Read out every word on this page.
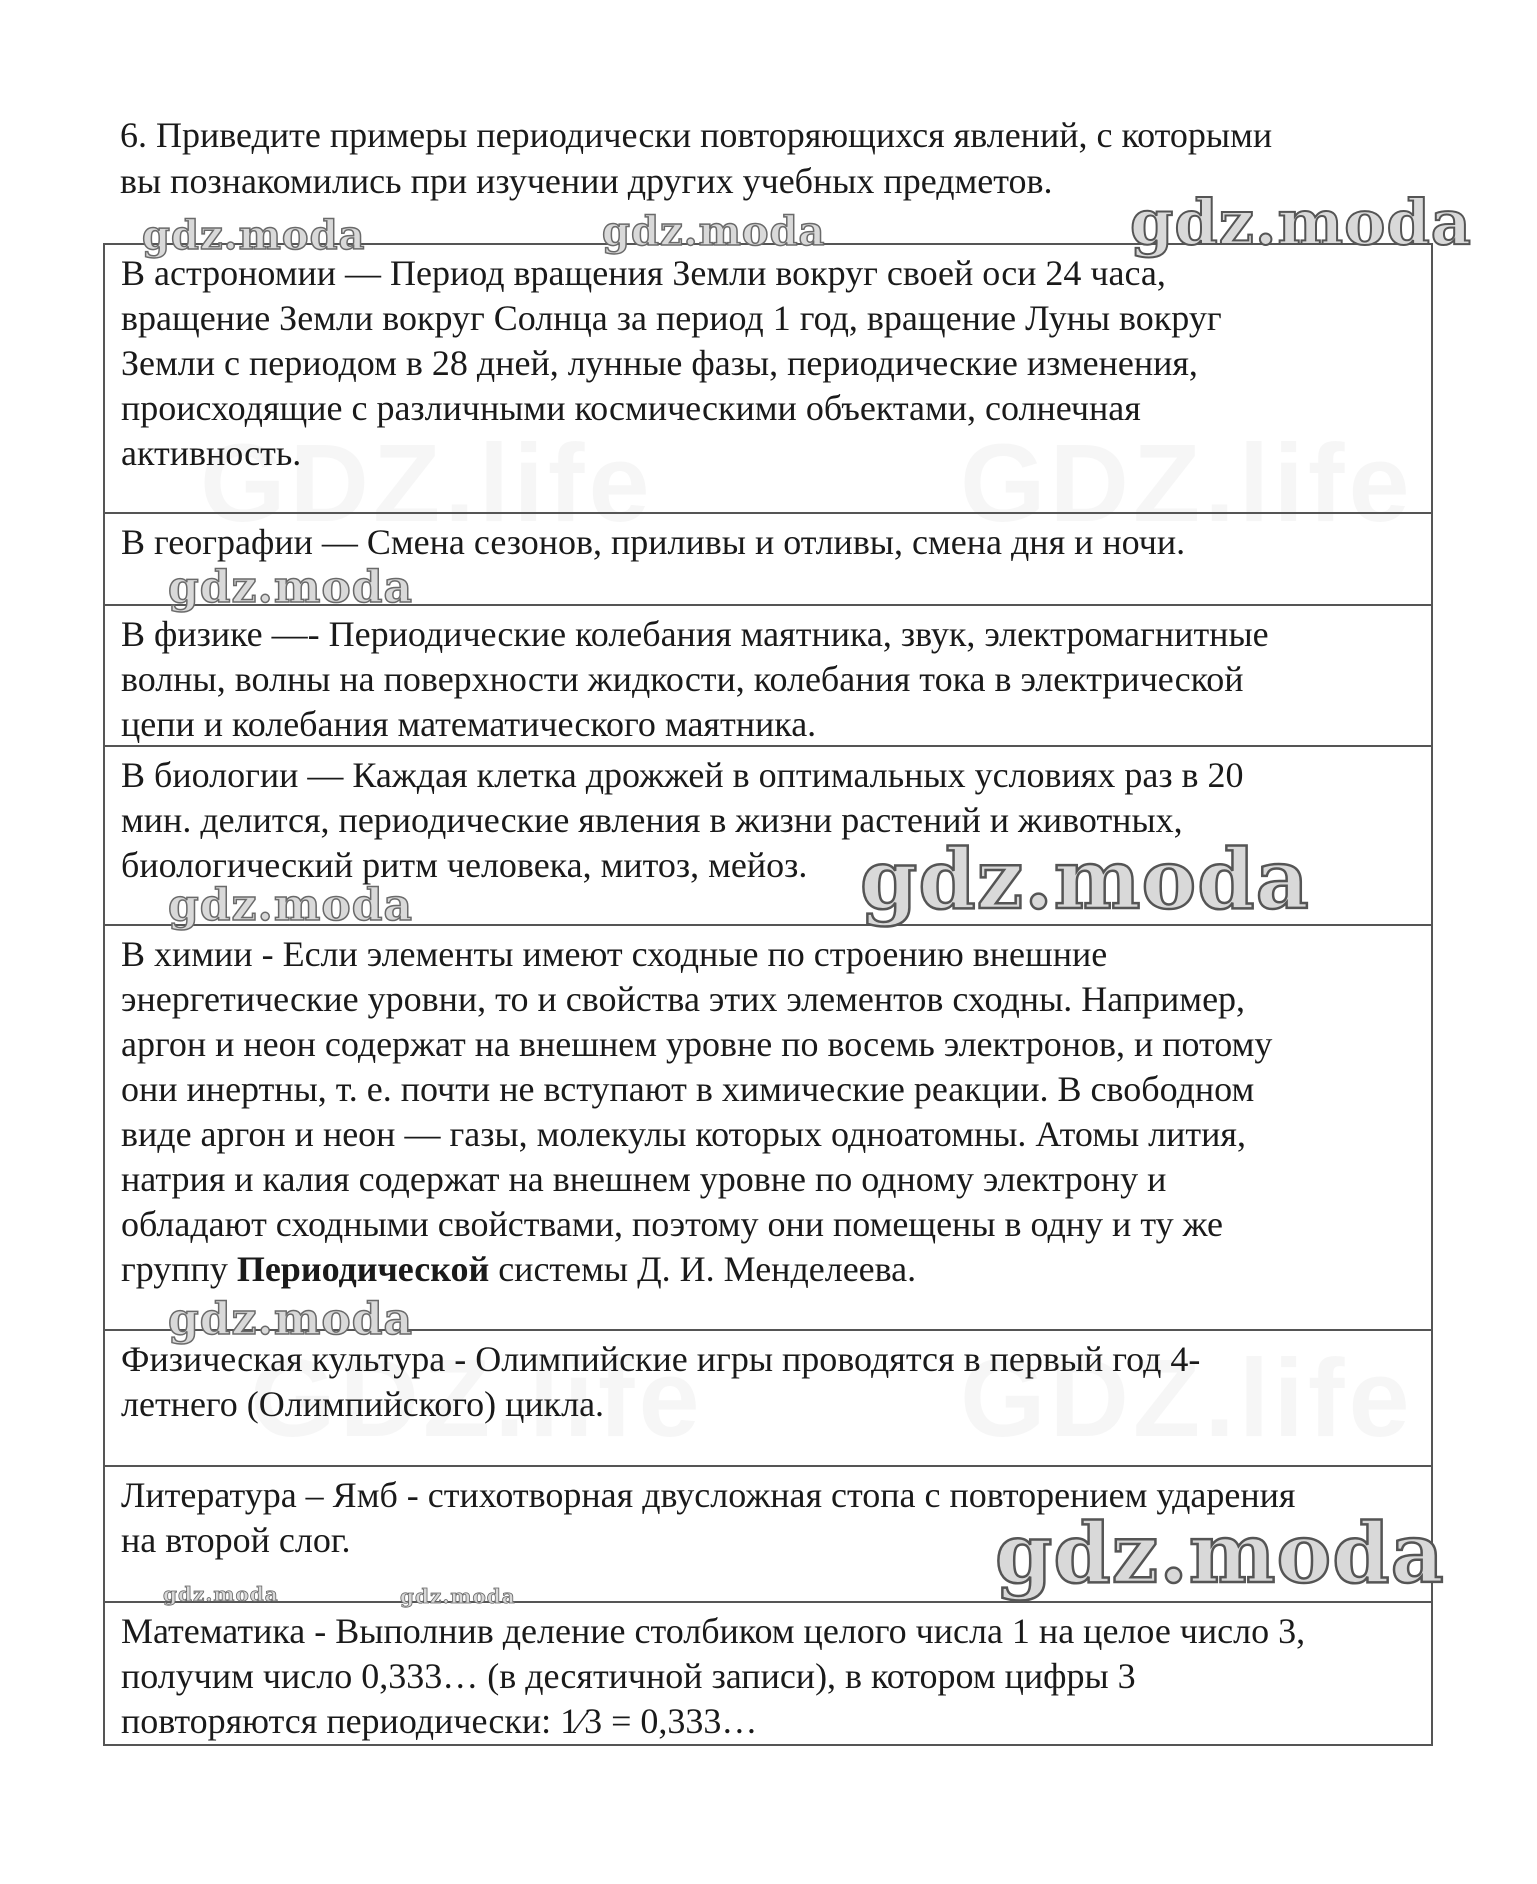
6. Приведите примеры периодически повторяющихся явлений, с которыми
вы познакомились при изучении других учебных предметов.
В астрономии — Период вращения Земли вокруг своей оси 24 часа,
вращение Земли вокруг Солнца за период 1 год, вращение Луны вокруг
Земли с периодом в 28 дней, лунные фазы, периодические изменения,
происходящие с различными космическими объектами, солнечная
активность.
В географии — Смена сезонов, приливы и отливы, смена дня и ночи.
В физике —- Периодические колебания маятника, звук, электромагнитные
волны, волны на поверхности жидкости, колебания тока в электрической
цепи и колебания математического маятника.
В биологии — Каждая клетка дрожжей в оптимальных условиях раз в 20
мин. делится, периодические явления в жизни растений и животных,
биологический ритм человека, митоз, мейоз.
В химии - Если элементы имеют сходные по строению внешние
энергетические уровни, то и свойства этих элементов сходны. Например,
аргон и неон содержат на внешнем уровне по восемь электронов, и потому
они инертны, т. е. почти не вступают в химические реакции. В свободном
виде аргон и неон — газы, молекулы которых одноатомны. Атомы лития,
натрия и калия содержат на внешнем уровне по одному электрону и
обладают сходными свойствами, поэтому они помещены в одну и ту же
группу Периодической системы Д. И. Менделеева.
Физическая культура - Олимпийские игры проводятся в первый год 4-
летнего (Олимпийского) цикла.
Литература – Ямб - стихотворная двусложная стопа с повторением ударения
на второй слог.
Математика - Выполнив деление столбиком целого числа 1 на целое число 3,
получим число 0,333… (в десятичной записи), в котором цифры 3
повторяются периодически: 1⁄3 = 0,333…
gdz.moda	gdz.moda	gdz.moda
gdz.moda
gdz.moda
gdz.moda
gdz.moda
gdz.moda
gdz.moda	gdz.moda
